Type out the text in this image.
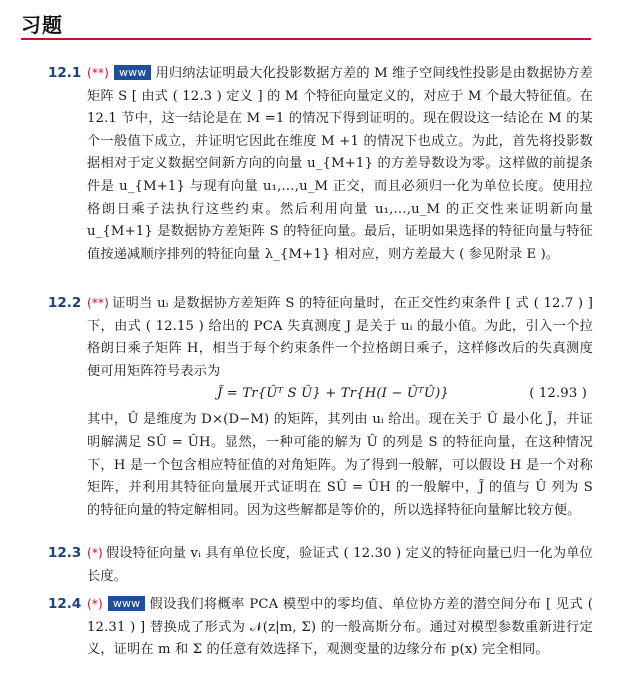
习题
12.1 (**) www 用归纳法证明最大化投影数据方差的 M 维子空间线性投影是由数据协方差矩阵 S [ 由式 ( 12.3 ) 定义 ] 的 M 个特征向量定义的，对应于 M 个最大特征值。在 12.1 节中，这一结论是在 M =1 的情况下得到证明的。现在假设这一结论在 M 的某个一般值下成立，并证明它因此在维度 M +1 的情况下也成立。为此，首先将投影数据相对于定义数据空间新方向的向量 u_{M+1} 的方差导数设为零。这样做的前提条件是 u_{M+1} 与现有向量 u₁,…,u_M 正交，而且必须归一化为单位长度。使用拉格朗日乘子法执行这些约束。然后利用向量 u₁,…,u_M 的正交性来证明新向量 u_{M+1} 是数据协方差矩阵 S 的特征向量。最后，证明如果选择的特征向量与特征值按递减顺序排列的特征向量 λ_{M+1} 相对应，则方差最大 ( 参见附录 E )。
12.2 (**) 证明当 uᵢ 是数据协方差矩阵 S 的特征向量时，在正交性约束条件 [ 式 ( 12.7 ) ] 下，由式 ( 12.15 ) 给出的 PCA 失真测度 J 是关于 uᵢ 的最小值。为此，引入一个拉格朗日乘子矩阵 H，相当于每个约束条件一个拉格朗日乘子，这样修改后的失真测度便可用矩阵符号表示为
J̃ = Tr{Ûᵀ S Û} + Tr{H(I − ÛᵀÛ)}	( 12.93 )
其中，Û 是维度为 D×(D−M) 的矩阵，其列由 uᵢ 给出。现在关于 Û 最小化 J̃，并证明解满足 SÛ = ÛH。显然，一种可能的解为 Û 的列是 S 的特征向量，在这种情况下，H 是一个包含相应特征值的对角矩阵。为了得到一般解，可以假设 H 是一个对称矩阵，并利用其特征向量展开式证明在 SÛ = ÛH 的一般解中，J̃ 的值与 Û 列为 S 的特征向量的特定解相同。因为这些解都是等价的，所以选择特征向量解比较方便。
12.3 (*) 假设特征向量 vᵢ 具有单位长度，验证式 ( 12.30 ) 定义的特征向量已归一化为单位长度。
12.4 (*) www 假设我们将概率 PCA 模型中的零均值、单位协方差的潜空间分布 [ 见式 ( 12.31 ) ] 替换成了形式为 𝒩(z|m, Σ) 的一般高斯分布。通过对模型参数重新进行定义，证明在 m 和 Σ 的任意有效选择下，观测变量的边缘分布 p(x) 完全相同。
